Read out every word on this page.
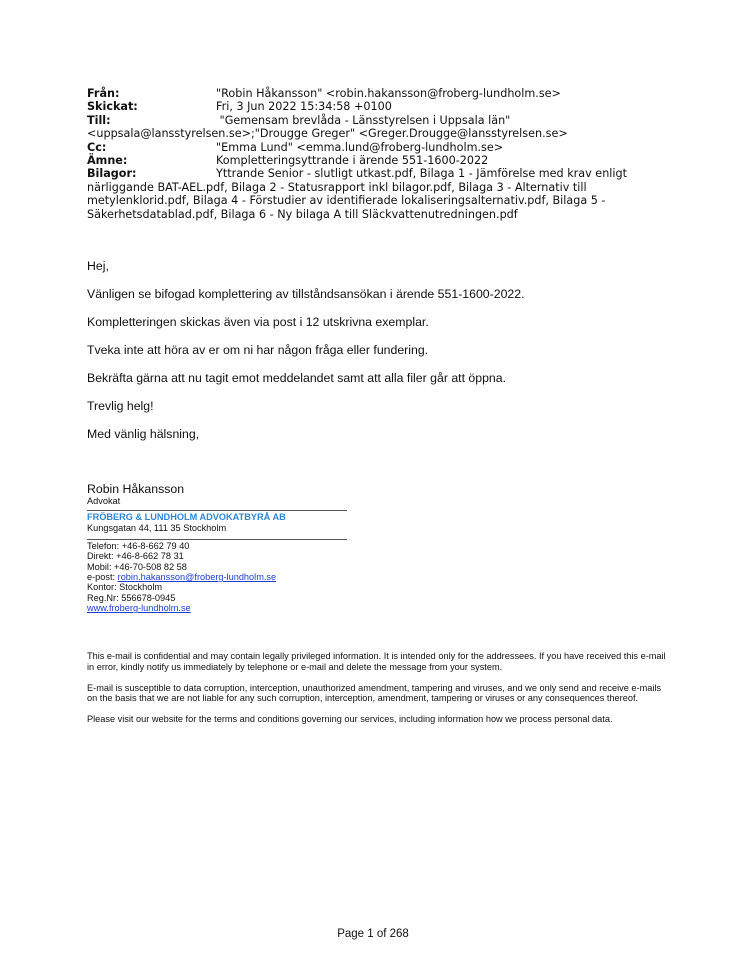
Från:	"Robin Håkansson" <robin.hakansson@froberg-lundholm.se>
Skickat:	Fri, 3 Jun 2022 15:34:58 +0100
Till:	"Gemensam brevlåda - Länsstyrelsen i Uppsala län"
<uppsala@lansstyrelsen.se>;"Drougge Greger" <Greger.Drougge@lansstyrelsen.se>
Cc:	"Emma Lund" <emma.lund@froberg-lundholm.se>
Ämne:	Kompletteringsyttrande i ärende 551-1600-2022
Bilagor:	Yttrande Senior - slutligt utkast.pdf, Bilaga 1 - Jämförelse med krav enligt
närliggande BAT-AEL.pdf, Bilaga 2 - Statusrapport inkl bilagor.pdf, Bilaga 3 - Alternativ till
metylenklorid.pdf, Bilaga 4 - Förstudier av identifierade lokaliseringsalternativ.pdf, Bilaga 5 -
Säkerhetsdatablad.pdf, Bilaga 6 - Ny bilaga A till Släckvattenutredningen.pdf

Hej,

Vänligen se bifogad komplettering av tillståndsansökan i ärende 551-1600-2022.

Kompletteringen skickas även via post i 12 utskrivna exemplar.

Tveka inte att höra av er om ni har någon fråga eller fundering.

Bekräfta gärna att nu tagit emot meddelandet samt att alla filer går att öppna.

Trevlig helg!

Med vänlig hälsning,

Robin Håkansson
Advokat
FRÖBERG & LUNDHOLM ADVOKATBYRÅ AB
Kungsgatan 44, 111 35 Stockholm
Telefon: +46-8-662 79 40
Direkt: +46-8-662 78 31
Mobil: +46-70-508 82 58
e-post: robin.hakansson@froberg-lundholm.se
Kontor: Stockholm
Reg.Nr: 556678-0945
www.froberg-lundholm.se

This e-mail is confidential and may contain legally privileged information. It is intended only for the addressees. If you have received this e-mail in error, kindly notify us immediately by telephone or e-mail and delete the message from your system.

E-mail is susceptible to data corruption, interception, unauthorized amendment, tampering and viruses, and we only send and receive e-mails on the basis that we are not liable for any such corruption, interception, amendment, tampering or viruses or any consequences thereof.

Please visit our website for the terms and conditions governing our services, including information how we process personal data.

Page 1 of 268
